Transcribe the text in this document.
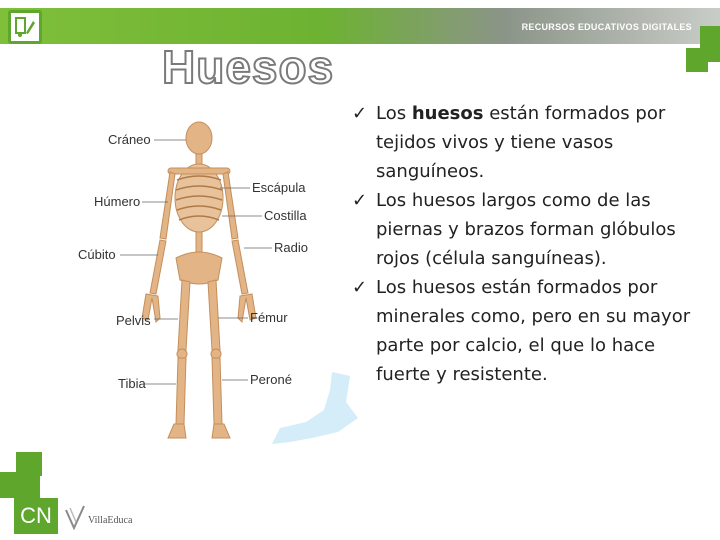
RECURSOS EDUCATIVOS DIGITALES
Huesos
Cráneo
Húmero
Cúbito
Pelvis
Tibia
Escápula
Costilla
Radio
Fémur
Peroné
✓ Los huesos están formados por tejidos vivos y tiene vasos sanguíneos.
✓ Los huesos largos como de las piernas y brazos forman glóbulos rojos (célula sanguíneas).
✓ Los huesos están formados por minerales como, pero en su mayor parte por calcio, el que lo hace fuerte y resistente.
CN	VillaEduca
